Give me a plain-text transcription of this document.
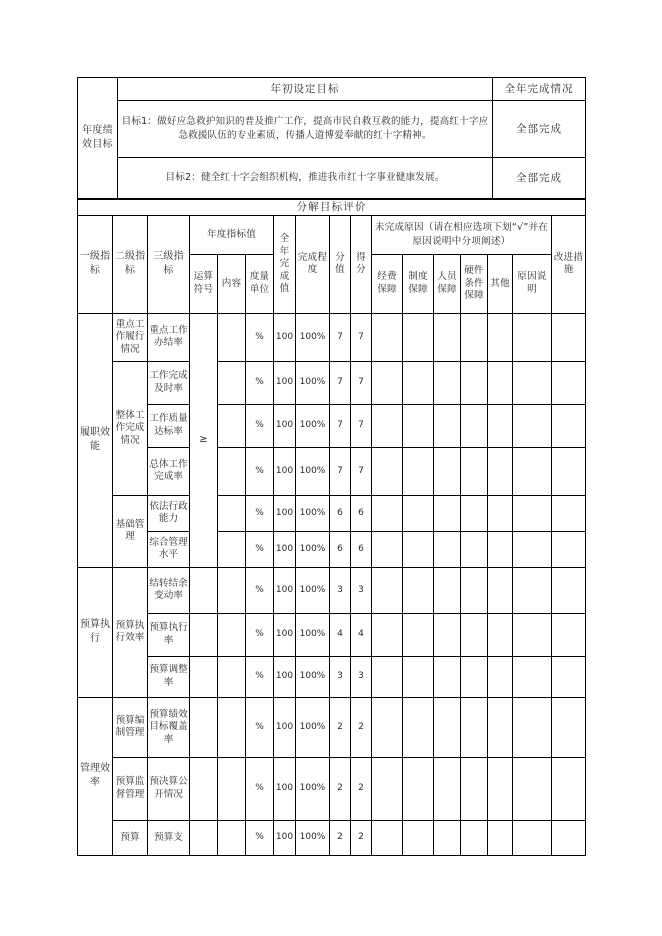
年度绩效目标	年初设定目标	全年完成情况
	目标1：做好应急救护知识的普及推广工作，提高市民自救互救的能力，提高红十字应急救援队伍的专业素质，传播人道博爱奉献的红十字精神。	全部完成
	目标2：健全红十字会组织机构，推进我市红十字事业健康发展。	全部完成
分解目标评价																
一级指标	二级指标	三级指标	年度指标值			全年完成值	完成程度	分值	得分	未完成原因（请在相应选项下划“√”并在原因说明中分项阐述）						改进措施
			运算符号	内容	度量单位					经费保障	制度保障	人员保障	硬件条件保障	其他	原因说明	
履职效能	重点工作履行情况	重点工作办结率	≥		%	100	100%	7	7							
	整体工作完成情况	工作完成及时率			%	100	100%	7	7							
		工作质量达标率			%	100	100%	7	7							
		总体工作完成率			%	100	100%	7	7							
	基础管理	依法行政能力			%	100	100%	6	6							
		综合管理水平			%	100	100%	6	6							
预算执行	预算执行效率	结转结余变动率			%	100	100%	3	3							
		预算执行率			%	100	100%	4	4							
		预算调整率			%	100	100%	3	3							
管理效率	预算编制管理	预算绩效目标覆盖率			%	100	100%	2	2							
	预算监督管理	预决算公开情况			%	100	100%	2	2							
	预算	预算支			%	100	100%	2	2							
